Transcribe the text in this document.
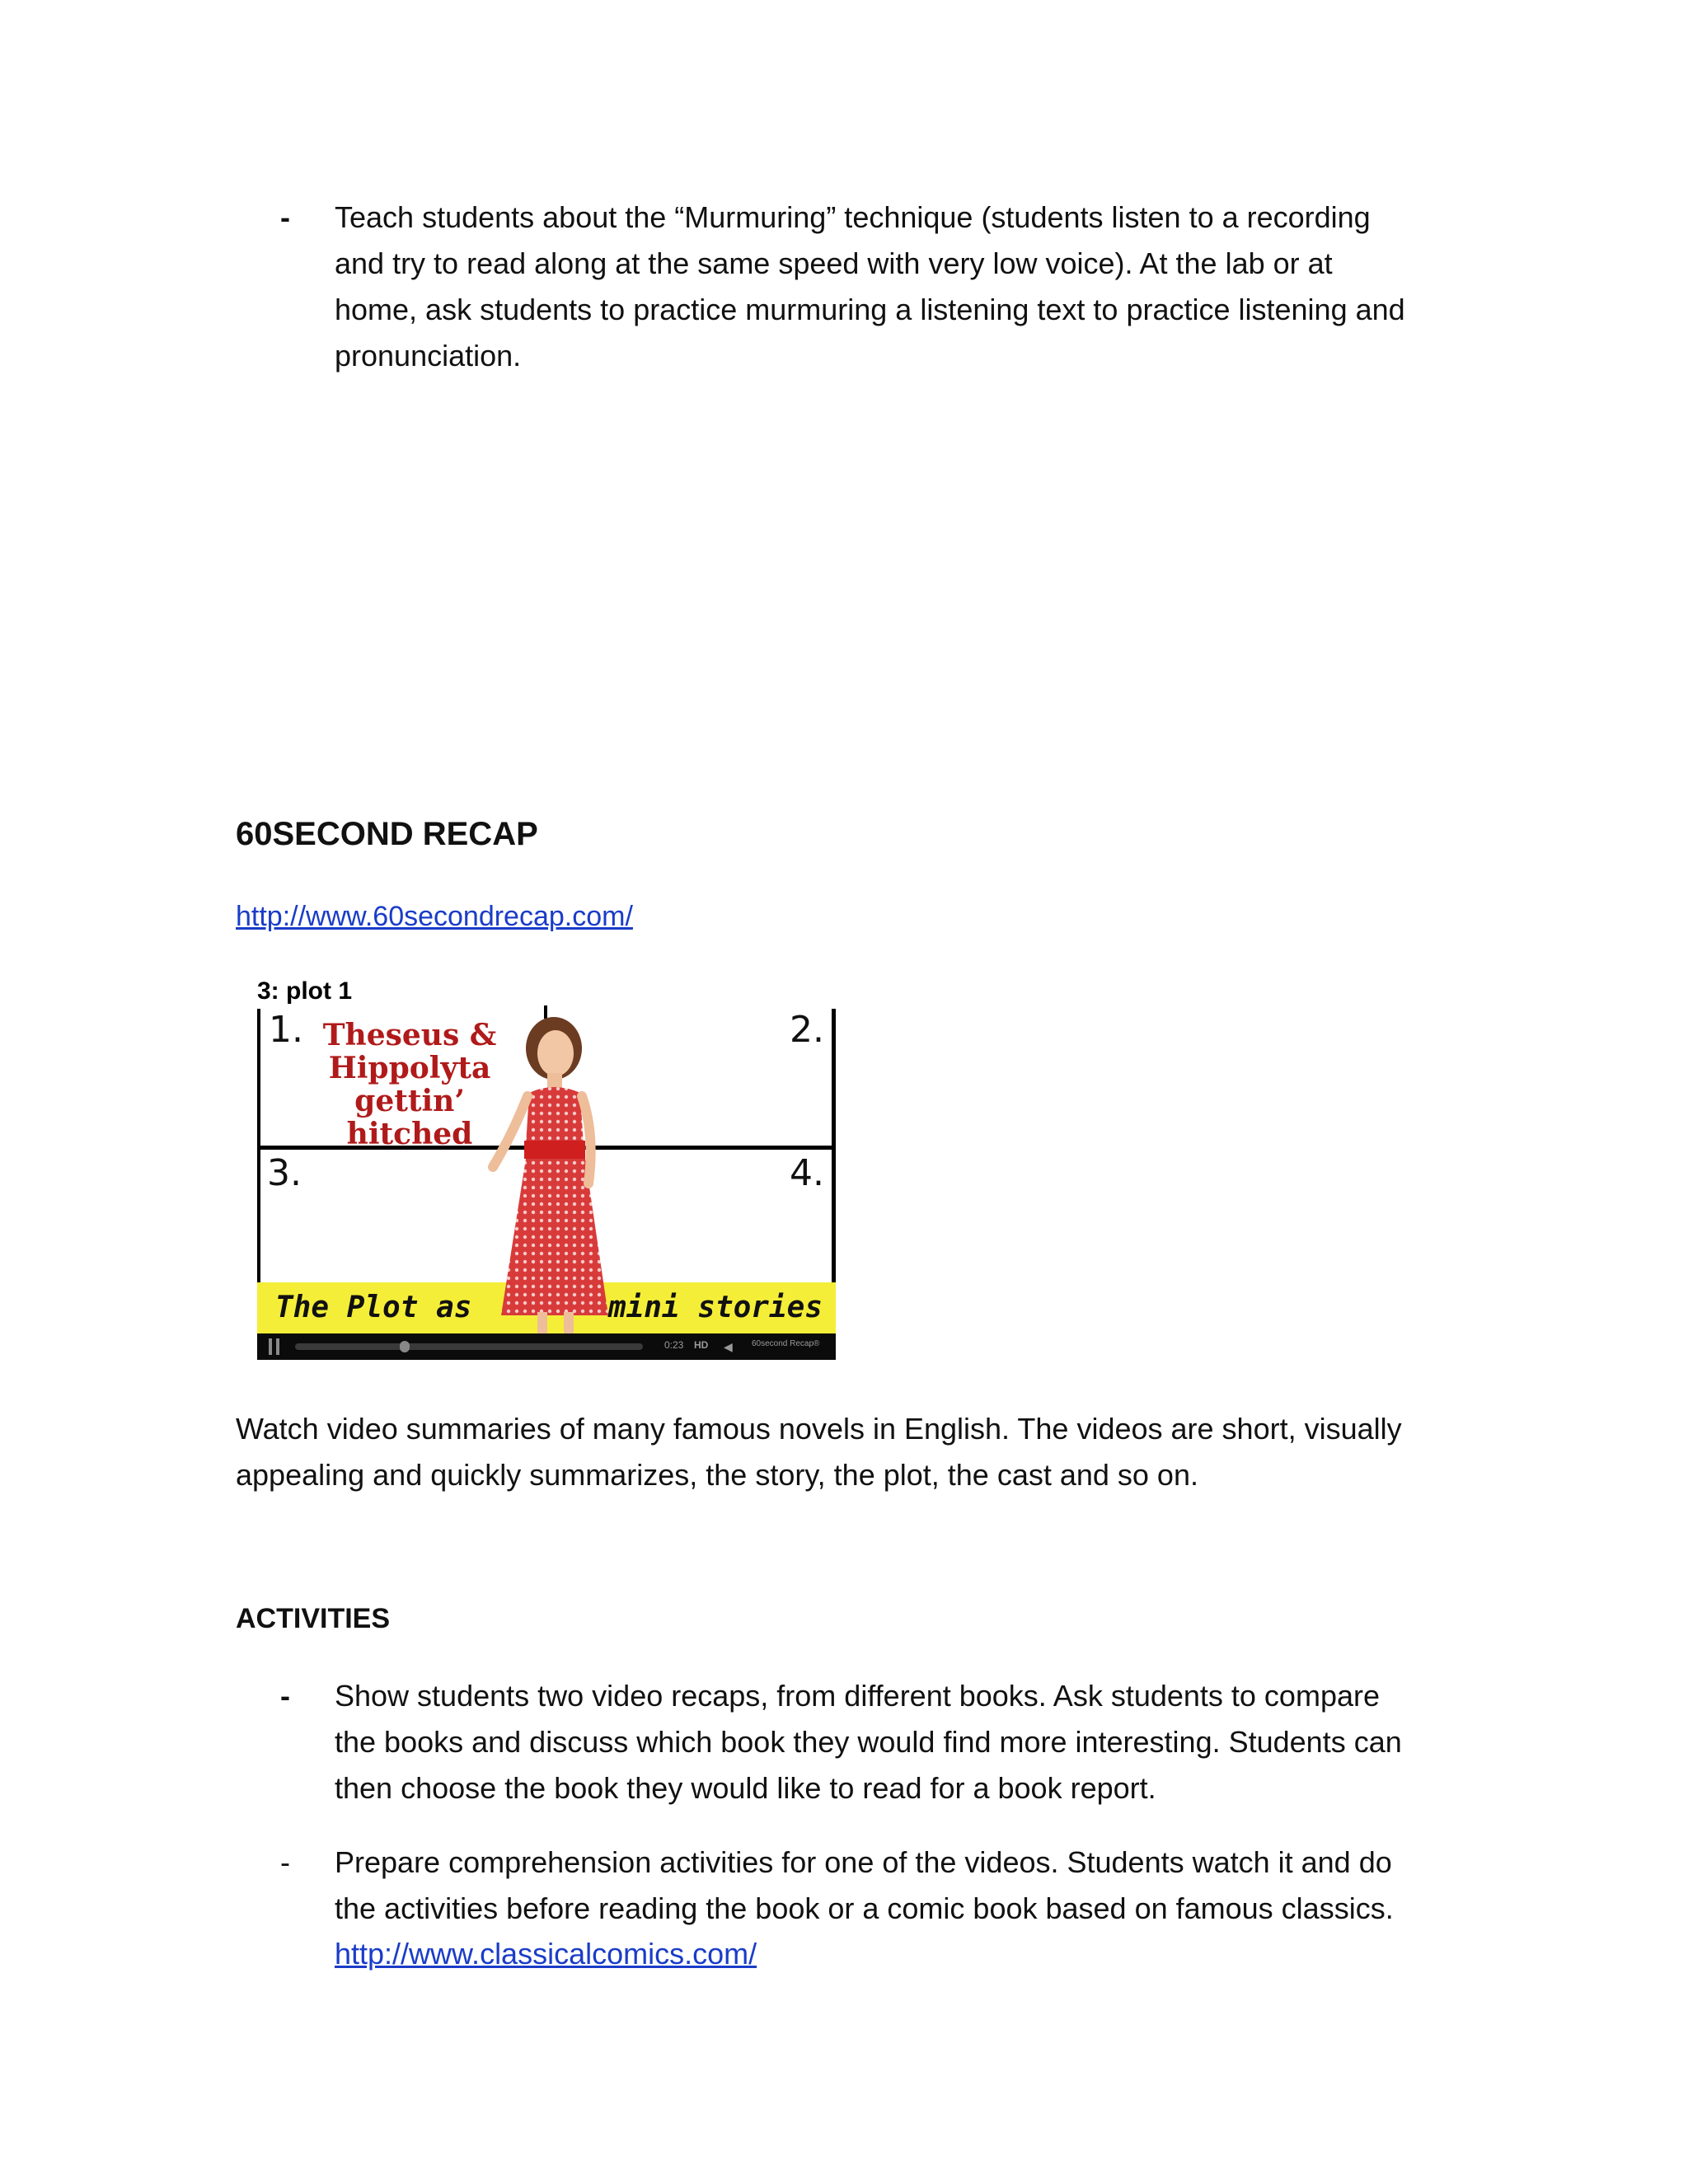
- Teach students about the “Murmuring” technique (students listen to a recording
and try to read along at the same speed with very low voice). At the lab or at
home, ask students to practice murmuring a listening text to practice listening and
pronunciation.
60SECOND RECAP
http://www.60secondrecap.com/
3: plot 1
1.	2.
3.	4.
Theseus &
Hippolyta
gettin’
hitched
The Plot as	mini stories
0:23 HD ◀ 60second Recap®
Watch video summaries of many famous novels in English. The videos are short, visually
appealing and quickly summarizes, the story, the plot, the cast and so on.
ACTIVITIES
- Show students two video recaps, from different books. Ask students to compare
the books and discuss which book they would find more interesting. Students can
then choose the book they would like to read for a book report.
- Prepare comprehension activities for one of the videos. Students watch it and do
the activities before reading the book or a comic book based on famous classics.
http://www.classicalcomics.com/
